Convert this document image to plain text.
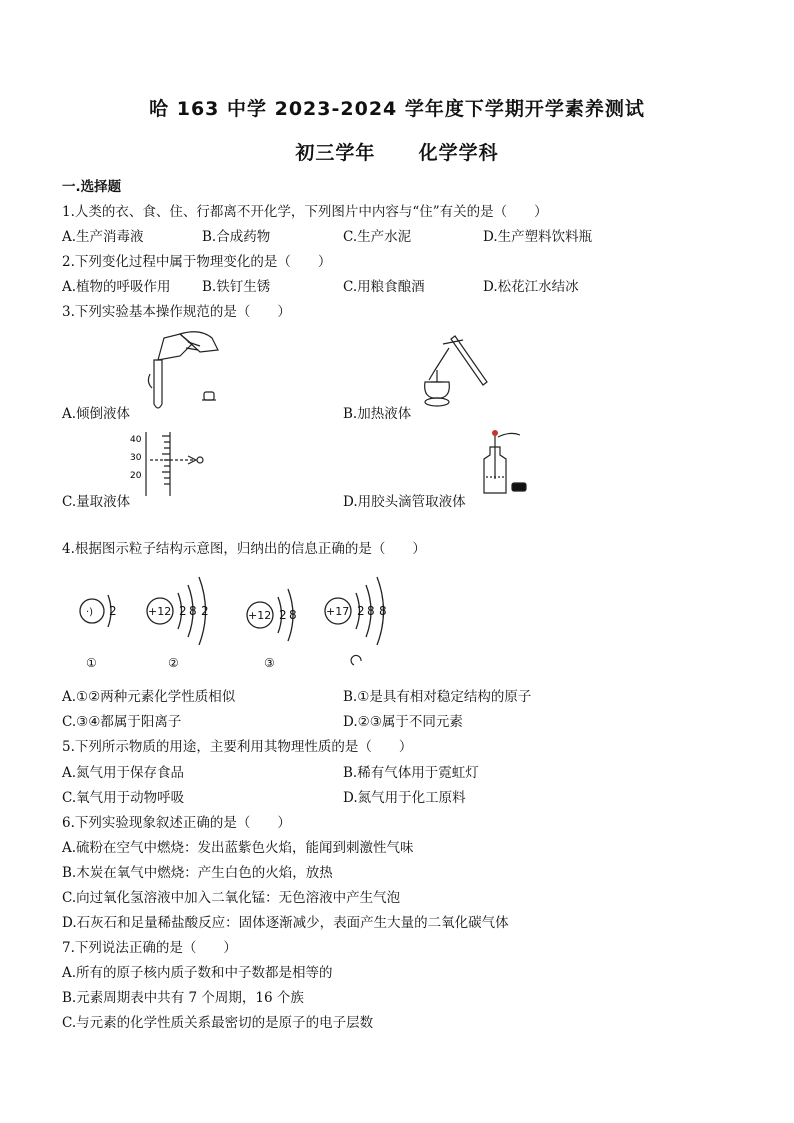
哈 163 中学 2023-2024 学年度下学期开学素养测试
初三学年 化学学科
一.选择题
1.人类的衣、食、住、行都离不开化学，下列图片中内容与“住”有关的是（　　）
A.生产消毒液	B.合成药物	C.生产水泥	D.生产塑料饮料瓶
2.下列变化过程中属于物理变化的是（　　）
A.植物的呼吸作用 B.铁钉生锈	C.用粮食酿酒	D.松花江水结冰
3.下列实验基本操作规范的是（　　）
A.倾倒液体	B.加热液体
40
30
20
C.量取液体	D.用胶头滴管取液体
4.根据图示粒子结构示意图，归纳出的信息正确的是（　　）
·) 2	+12 2 8 2	+12 2 8	+17 2 8 8
①	②	③
A.①②两种元素化学性质相似	B.①是具有相对稳定结构的原子
C.③④都属于阳离子	D.②③属于不同元素
5.下列所示物质的用途，主要利用其物理性质的是（　　）
A.氮气用于保存食品	B.稀有气体用于霓虹灯
C.氧气用于动物呼吸	D.氮气用于化工原料
6.下列实验现象叙述正确的是（　　）
A.硫粉在空气中燃烧：发出蓝紫色火焰，能闻到刺激性气味
B.木炭在氧气中燃烧：产生白色的火焰，放热
C.向过氧化氢溶液中加入二氧化锰：无色溶液中产生气泡
D.石灰石和足量稀盐酸反应：固体逐渐减少，表面产生大量的二氧化碳气体
7.下列说法正确的是（　　）
A.所有的原子核内质子数和中子数都是相等的
B.元素周期表中共有 7 个周期，16 个族
C.与元素的化学性质关系最密切的是原子的电子层数
